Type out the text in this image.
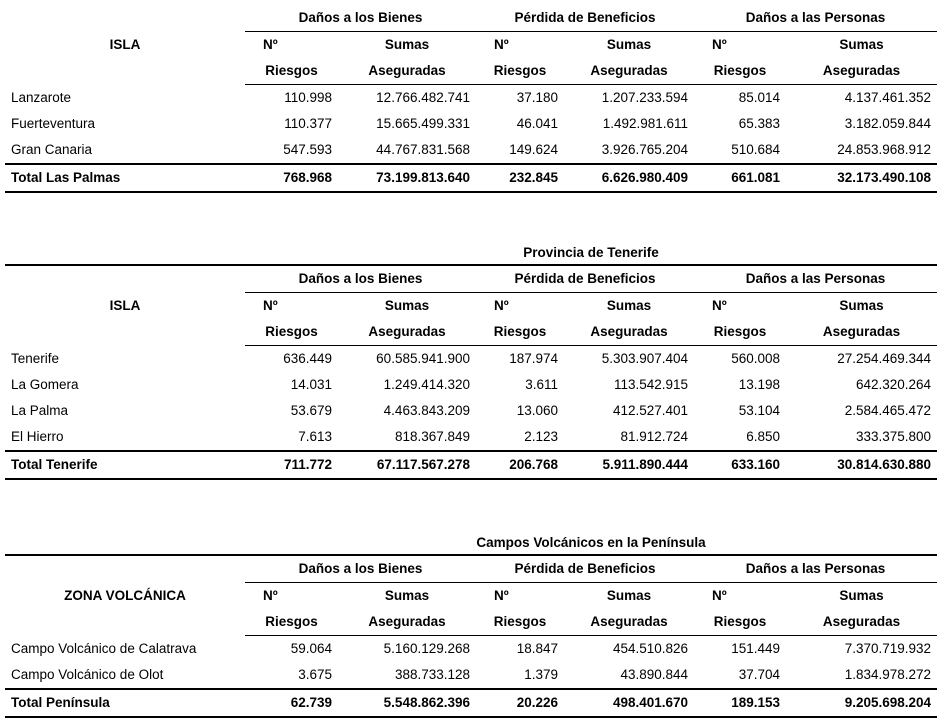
ISLA	Daños a los Bienes		Pérdida de Beneficios		Daños a las Personas	
	Nº	Sumas	Nº	Sumas	Nº	Sumas
	Riesgos	Aseguradas	Riesgos	Aseguradas	Riesgos	Aseguradas
Lanzarote	110.998	12.766.482.741	37.180	1.207.233.594	85.014	4.137.461.352
Fuerteventura	110.377	15.665.499.331	46.041	1.492.981.611	65.383	3.182.059.844
Gran Canaria	547.593	44.767.831.568	149.624	3.926.765.204	510.684	24.853.968.912
Total Las Palmas	768.968	73.199.813.640	232.845	6.626.980.409	661.081	32.173.490.108
Provincia de Tenerife
ISLA	Daños a los Bienes		Pérdida de Beneficios		Daños a las Personas	
	Nº	Sumas	Nº	Sumas	Nº	Sumas
	Riesgos	Aseguradas	Riesgos	Aseguradas	Riesgos	Aseguradas
Tenerife	636.449	60.585.941.900	187.974	5.303.907.404	560.008	27.254.469.344
La Gomera	14.031	1.249.414.320	3.611	113.542.915	13.198	642.320.264
La Palma	53.679	4.463.843.209	13.060	412.527.401	53.104	2.584.465.472
El Hierro	7.613	818.367.849	2.123	81.912.724	6.850	333.375.800
Total Tenerife	711.772	67.117.567.278	206.768	5.911.890.444	633.160	30.814.630.880
Campos Volcánicos en la Península
ZONA VOLCÁNICA	Daños a los Bienes		Pérdida de Beneficios		Daños a las Personas	
	Nº	Sumas	Nº	Sumas	Nº	Sumas
	Riesgos	Aseguradas	Riesgos	Aseguradas	Riesgos	Aseguradas
Campo Volcánico de Calatrava	59.064	5.160.129.268	18.847	454.510.826	151.449	7.370.719.932
Campo Volcánico de Olot	3.675	388.733.128	1.379	43.890.844	37.704	1.834.978.272
Total Península	62.739	5.548.862.396	20.226	498.401.670	189.153	9.205.698.204
